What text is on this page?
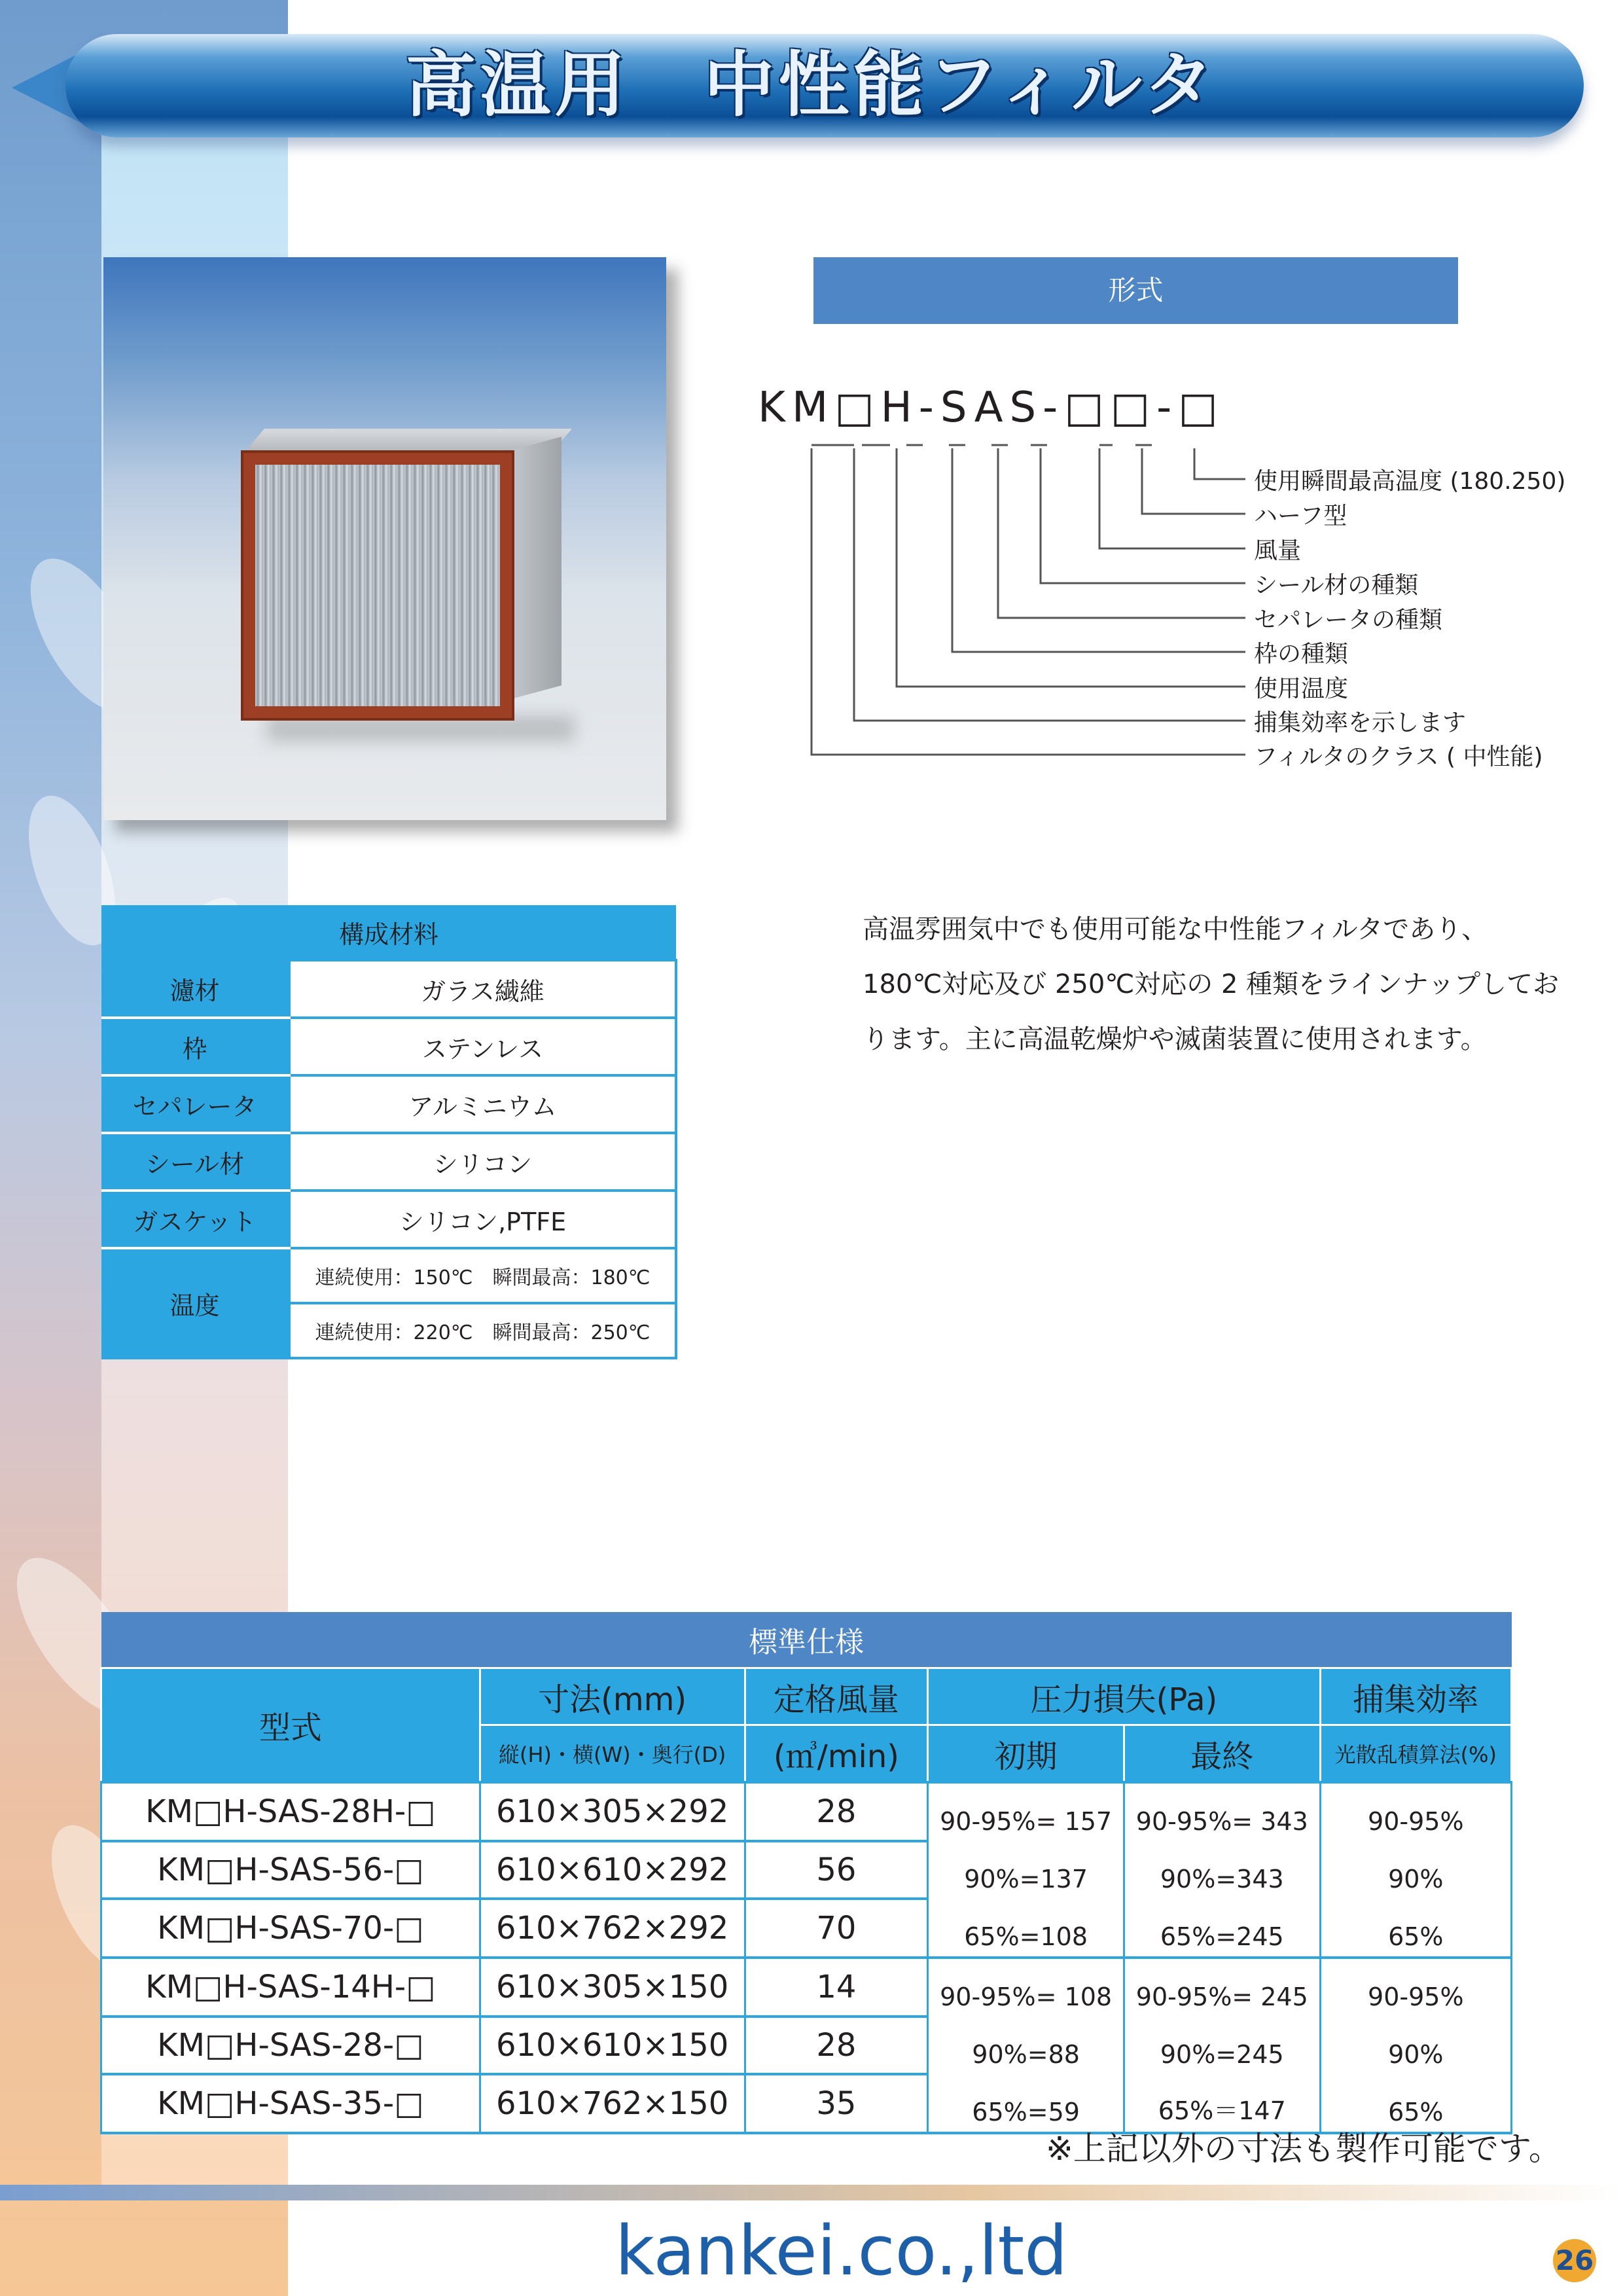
高温用　中性能フィルタ
形式
KM□H-SAS-□□-□
使用瞬間最高温度 (180.250)
ハーフ型
風量
シール材の種類
セパレータの種類
枠の種類
使用温度
捕集効率を示します
フィルタのクラス ( 中性能)
構成材料	
濾材	ガラス繊維
枠	ステンレス
セパレータ	アルミニウム
シール材	シリコン
ガスケット	シリコン,PTFE
温度	連続使用：150℃　瞬間最高：180℃
	連続使用：220℃　瞬間最高：250℃
高温雰囲気中でも使用可能な中性能フィルタであり、180℃対応及び 250℃対応の 2 種類をラインナップしております。主に高温乾燥炉や滅菌装置に使用されます。
標準仕様					
型式	寸法(mm)	定格風量	圧力損失(Pa)		捕集効率
	縦(H)・横(W)・奥行(D)	(㎥/min)	初期	最終	光散乱積算法(%)
KM□H-SAS-28H-□	610×305×292	28	90-95%= 157	90-95%= 343	90-95%
KM□H-SAS-56-□	610×610×292	56	90%=137	90%=343	90%
KM□H-SAS-70-□	610×762×292	70	65%=108	65%=245	65%
KM□H-SAS-14H-□	610×305×150	14	90-95%= 108	90-95%= 245	90-95%
KM□H-SAS-28-□	610×610×150	28	90%=88	90%=245	90%
KM□H-SAS-35-□	610×762×150	35	65%=59	65%＝147	65%
※上記以外の寸法も製作可能です。
kankei.co.,ltd	26
